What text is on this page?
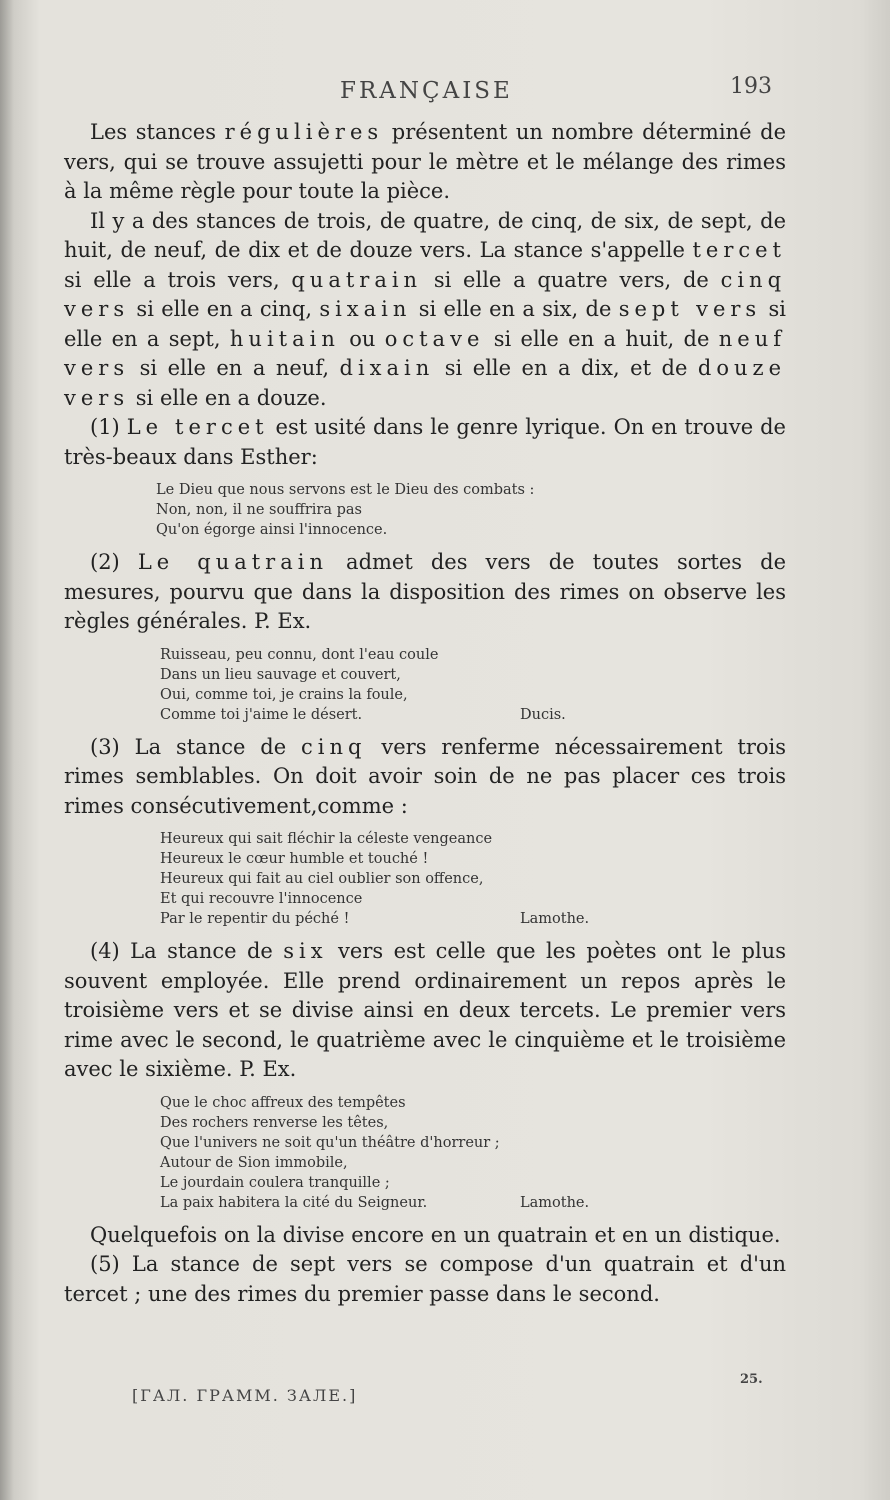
FRANÇAISE	193

Les stances régulières présentent un nombre déterminé de vers, qui se trouve assujetti pour le mètre et le mélange des rimes à la même règle pour toute la pièce.

Il y a des stances de trois, de quatre, de cinq, de six, de sept, de huit, de neuf, de dix et de douze vers. La stance s'appelle tercet si elle a trois vers, quatrain si elle a quatre vers, de cinq vers si elle en a cinq, sixain si elle en a six, de sept vers si elle en a sept, huitain ou octave si elle en a huit, de neuf vers si elle en a neuf, dixain si elle en a dix, et de douze vers si elle en a douze.

(1) Le tercet est usité dans le genre lyrique. On en trouve de très-beaux dans Esther:

Le Dieu que nous servons est le Dieu des combats :
Non, non, il ne souffrira pas
Qu'on égorge ainsi l'innocence.

(2) Le quatrain admet des vers de toutes sortes de mesures, pourvu que dans la disposition des rimes on observe les règles générales. P. Ex.

Ruisseau, peu connu, dont l'eau coule
Dans un lieu sauvage et couvert,
Oui, comme toi, je crains la foule,
Comme toi j'aime le désert.	Ducis.

(3) La stance de cinq vers renferme nécessairement trois rimes semblables. On doit avoir soin de ne pas placer ces trois rimes consécutivement,comme :

Heureux qui sait fléchir la céleste vengeance
Heureux le cœur humble et touché !
Heureux qui fait au ciel oublier son offence,
Et qui recouvre l'innocence
Par le repentir du péché !	Lamothe.

(4) La stance de six vers est celle que les poètes ont le plus souvent employée. Elle prend ordinairement un repos après le troisième vers et se divise ainsi en deux tercets. Le premier vers rime avec le second, le quatrième avec le cinquième et le troisième avec le sixième. P. Ex.

Que le choc affreux des tempêtes
Des rochers renverse les têtes,
Que l'univers ne soit qu'un théâtre d'horreur ;
Autour de Sion immobile,
Le jourdain coulera tranquille ;
La paix habitera la cité du Seigneur.	Lamothe.

Quelquefois on la divise encore en un quatrain et en un distique.

(5) La stance de sept vers se compose d'un quatrain et d'un tercet ; une des rimes du premier passe dans le second.

25.
[ГАЛ. ГРАММ. ЗАЛЕ.]
